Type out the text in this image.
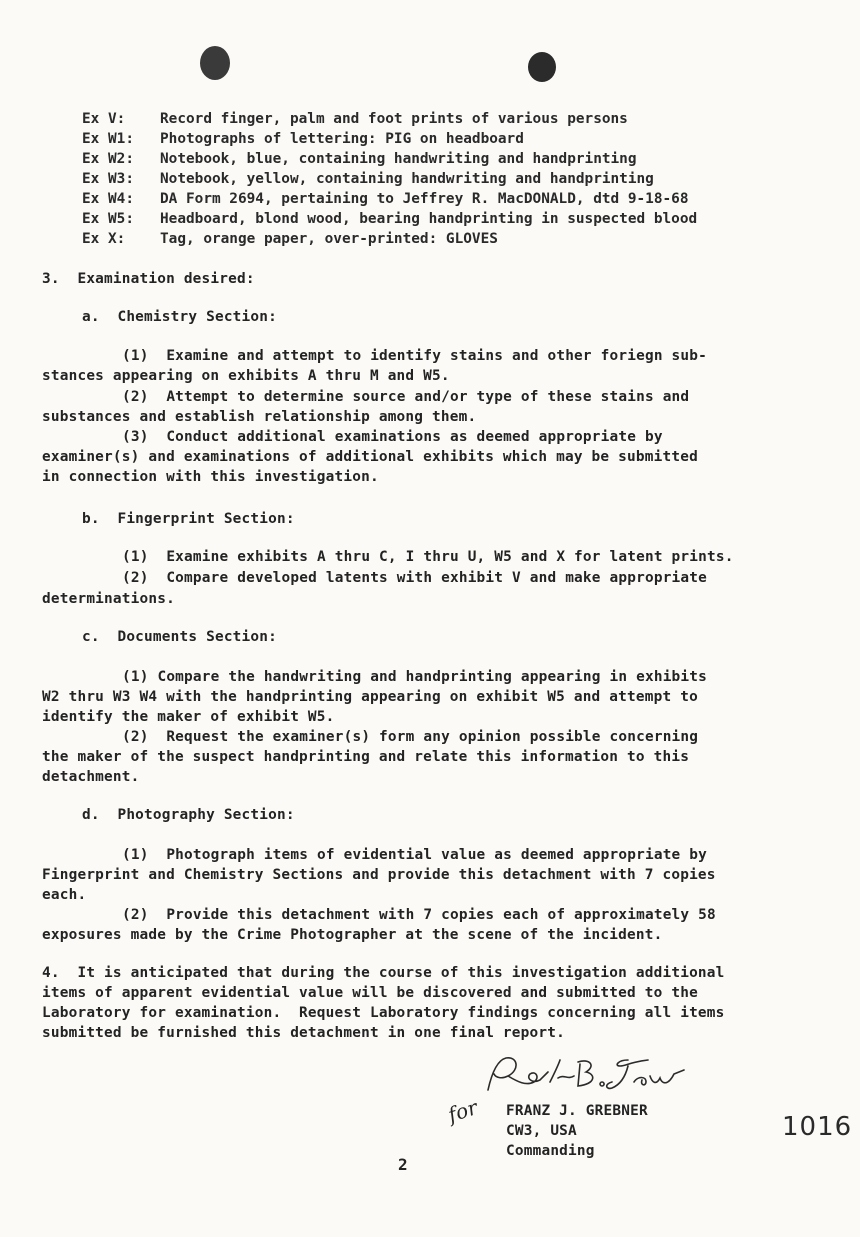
Ex V: Record finger, palm and foot prints of various persons
Ex W1: Photographs of lettering: PIG on headboard
Ex W2: Notebook, blue, containing handwriting and handprinting
Ex W3: Notebook, yellow, containing handwriting and handprinting
Ex W4: DA Form 2694, pertaining to Jeffrey R. MacDONALD, dtd 9-18-68
Ex W5: Headboard, blond wood, bearing handprinting in suspected blood
Ex X: Tag, orange paper, over-printed: GLOVES
3.  Examination desired:
a.  Chemistry Section:
(1)  Examine and attempt to identify stains and other foriegn sub-
stances appearing on exhibits A thru M and W5.
(2)  Attempt to determine source and/or type of these stains and
substances and establish relationship among them.
(3)  Conduct additional examinations as deemed appropriate by
examiner(s) and examinations of additional exhibits which may be submitted
in connection with this investigation.
b.  Fingerprint Section:
(1)  Examine exhibits A thru C, I thru U, W5 and X for latent prints.
(2)  Compare developed latents with exhibit V and make appropriate
determinations.
c.  Documents Section:
(1) Compare the handwriting and handprinting appearing in exhibits
W2 thru W3 W4 with the handprinting appearing on exhibit W5 and attempt to
identify the maker of exhibit W5.
(2)  Request the examiner(s) form any opinion possible concerning
the maker of the suspect handprinting and relate this information to this
detachment.
d.  Photography Section:
(1)  Photograph items of evidential value as deemed appropriate by
Fingerprint and Chemistry Sections and provide this detachment with 7 copies
each.
(2)  Provide this detachment with 7 copies each of approximately 58
exposures made by the Crime Photographer at the scene of the incident.
4.  It is anticipated that during the course of this investigation additional
items of apparent evidential value will be discovered and submitted to the
Laboratory for examination.  Request Laboratory findings concerning all items
submitted be furnished this detachment in one final report.
for FRANZ J. GREBNER
CW3, USA
Commanding
1016
2
